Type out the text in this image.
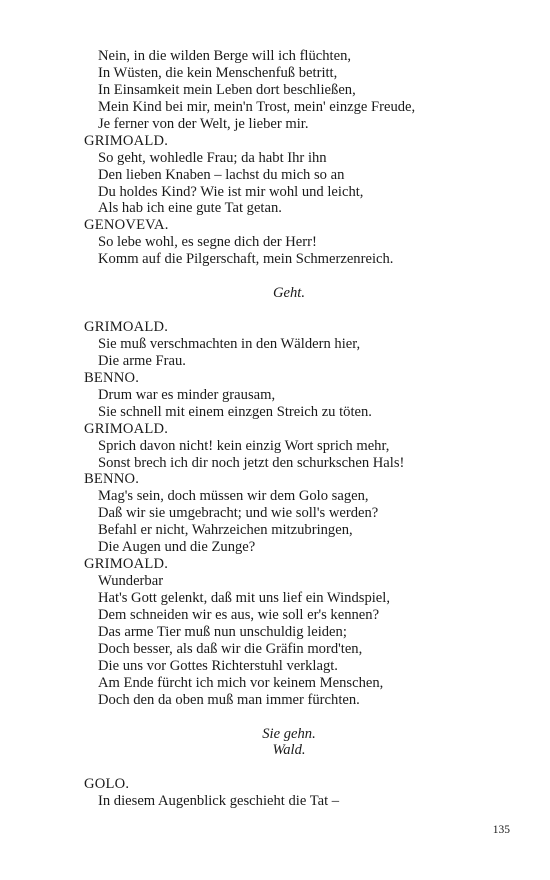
Nein, in die wilden Berge will ich flüchten,
In Wüsten, die kein Menschenfuß betritt,
In Einsamkeit mein Leben dort beschließen,
Mein Kind bei mir, mein'n Trost, mein' einzge Freude,
Je ferner von der Welt, je lieber mir.
GRIMOALD.
So geht, wohledle Frau; da habt Ihr ihn
Den lieben Knaben – lachst du mich so an
Du holdes Kind? Wie ist mir wohl und leicht,
Als hab ich eine gute Tat getan.
GENOVEVA.
So lebe wohl, es segne dich der Herr!
Komm auf die Pilgerschaft, mein Schmerzenreich.
Geht.
GRIMOALD.
Sie muß verschmachten in den Wäldern hier,
Die arme Frau.
BENNO.
Drum war es minder grausam,
Sie schnell mit einem einzgen Streich zu töten.
GRIMOALD.
Sprich davon nicht! kein einzig Wort sprich mehr,
Sonst brech ich dir noch jetzt den schurkschen Hals!
BENNO.
Mag's sein, doch müssen wir dem Golo sagen,
Daß wir sie umgebracht; und wie soll's werden?
Befahl er nicht, Wahrzeichen mitzubringen,
Die Augen und die Zunge?
GRIMOALD.
Wunderbar
Hat's Gott gelenkt, daß mit uns lief ein Windspiel,
Dem schneiden wir es aus, wie soll er's kennen?
Das arme Tier muß nun unschuldig leiden;
Doch besser, als daß wir die Gräfin mord'ten,
Die uns vor Gottes Richterstuhl verklagt.
Am Ende fürcht ich mich vor keinem Menschen,
Doch den da oben muß man immer fürchten.
Sie gehn.
Wald.
GOLO.
In diesem Augenblick geschieht die Tat –
135
